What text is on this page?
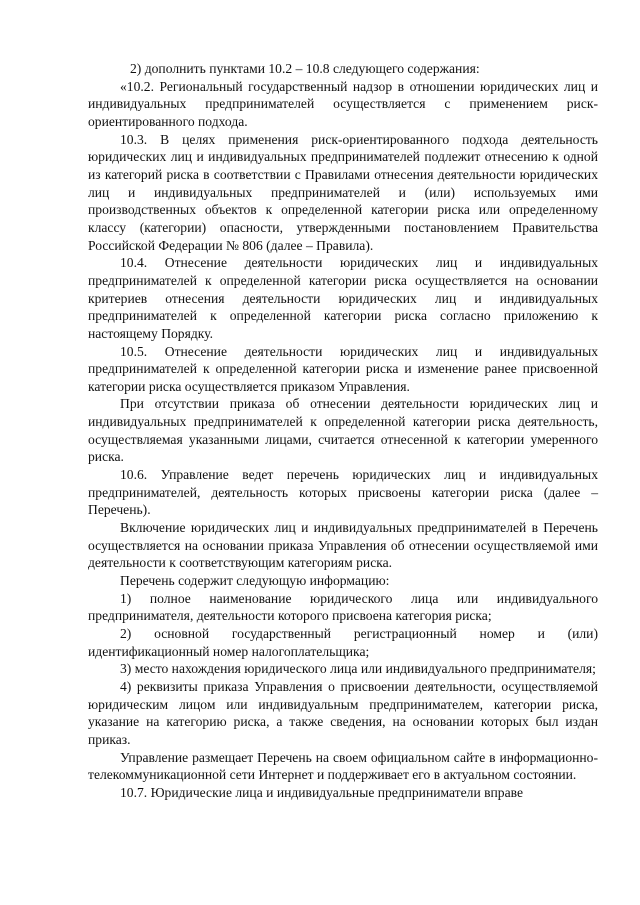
2) дополнить пунктами 10.2 – 10.8 следующего содержания:

«10.2. Региональный государственный надзор в отношении юридических лиц и индивидуальных предпринимателей осуществляется с применением риск-ориентированного подхода.

10.3. В целях применения риск-ориентированного подхода деятельность юридических лиц и индивидуальных предпринимателей подлежит отнесению к одной из категорий риска в соответствии с Правилами отнесения деятельности юридических лиц и индивидуальных предпринимателей и (или) используемых ими производственных объектов к определенной категории риска или определенному классу (категории) опасности, утвержденными постановлением Правительства Российской Федерации № 806 (далее – Правила).

10.4. Отнесение деятельности юридических лиц и индивидуальных предпринимателей к определенной категории риска осуществляется на основании критериев отнесения деятельности юридических лиц и индивидуальных предпринимателей к определенной категории риска согласно приложению к настоящему Порядку.

10.5. Отнесение деятельности юридических лиц и индивидуальных предпринимателей к определенной категории риска и изменение ранее присвоенной категории риска осуществляется приказом Управления.

При отсутствии приказа об отнесении деятельности юридических лиц и индивидуальных предпринимателей к определенной категории риска деятельность, осуществляемая указанными лицами, считается отнесенной к категории умеренного риска.

10.6. Управление ведет перечень юридических лиц и индивидуальных предпринимателей, деятельность которых присвоены категории риска (далее – Перечень).

Включение юридических лиц и индивидуальных предпринимателей в Перечень осуществляется на основании приказа Управления об отнесении осуществляемой ими деятельности к соответствующим категориям риска.

Перечень содержит следующую информацию:

1) полное наименование юридического лица или индивидуального предпринимателя, деятельности которого присвоена категория риска;

2) основной государственный регистрационный номер и (или) идентификационный номер налогоплательщика;

3) место нахождения юридического лица или индивидуального предпринимателя;

4) реквизиты приказа Управления о присвоении деятельности, осуществляемой юридическим лицом или индивидуальным предпринимателем, категории риска, указание на категорию риска, а также сведения, на основании которых был издан приказ.

Управление размещает Перечень на своем официальном сайте в информационно-телекоммуникационной сети Интернет и поддерживает его в актуальном состоянии.

10.7. Юридические лица и индивидуальные предприниматели вправе
